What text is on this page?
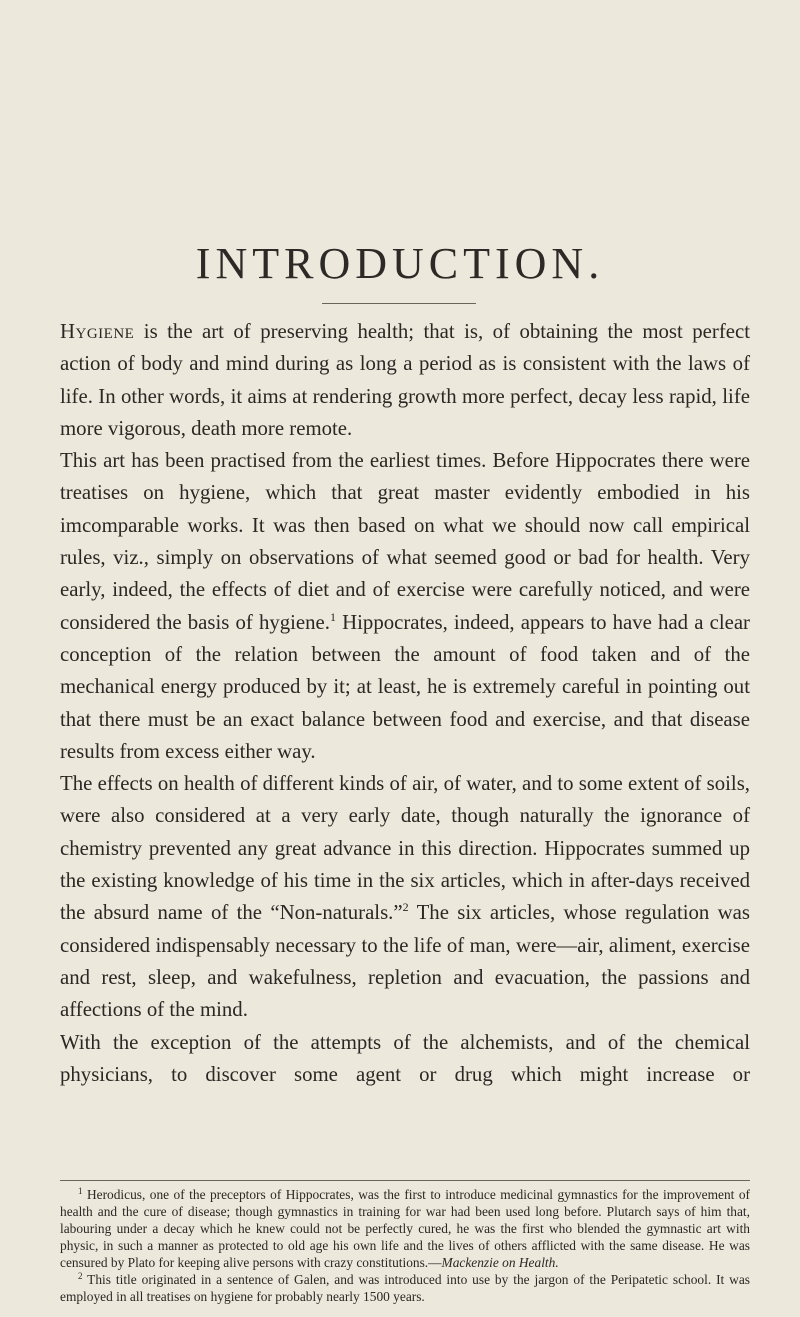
INTRODUCTION.

Hygiene is the art of preserving health; that is, of obtaining the most perfect action of body and mind during as long a period as is consistent with the laws of life. In other words, it aims at rendering growth more perfect, decay less rapid, life more vigorous, death more remote.

This art has been practised from the earliest times. Before Hippocrates there were treatises on hygiene, which that great master evidently embodied in his imcomparable works. It was then based on what we should now call empirical rules, viz., simply on observations of what seemed good or bad for health. Very early, indeed, the effects of diet and of exercise were carefully noticed, and were considered the basis of hygiene.$^1$ Hippocrates, indeed, appears to have had a clear conception of the relation between the amount of food taken and of the mechanical energy produced by it; at least, he is extremely careful in pointing out that there must be an exact balance between food and exercise, and that disease results from excess either way.

The effects on health of different kinds of air, of water, and to some extent of soils, were also considered at a very early date, though naturally the ignorance of chemistry prevented any great advance in this direction. Hippocrates summed up the existing knowledge of his time in the six articles, which in after-days received the absurd name of the “Non-naturals.”$^2$ The six articles, whose regulation was considered indispensably necessary to the life of man, were—air, aliment, exercise and rest, sleep, and wakefulness, repletion and evacuation, the passions and affections of the mind.

With the exception of the attempts of the alchemists, and of the chemical physicians, to discover some agent or drug which might increase or

$^1$ Herodicus, one of the preceptors of Hippocrates, was the first to introduce medicinal gymnastics for the improvement of health and the cure of disease; though gymnastics in training for war had been used long before. Plutarch says of him that, labouring under a decay which he knew could not be perfectly cured, he was the first who blended the gymnastic art with physic, in such a manner as protected to old age his own life and the lives of others afflicted with the same disease. He was censured by Plato for keeping alive persons with crazy constitutions.—Mackenzie on Health.

$^2$ This title originated in a sentence of Galen, and was introduced into use by the jargon of the Peripatetic school. It was employed in all treatises on hygiene for probably nearly 1500 years.
